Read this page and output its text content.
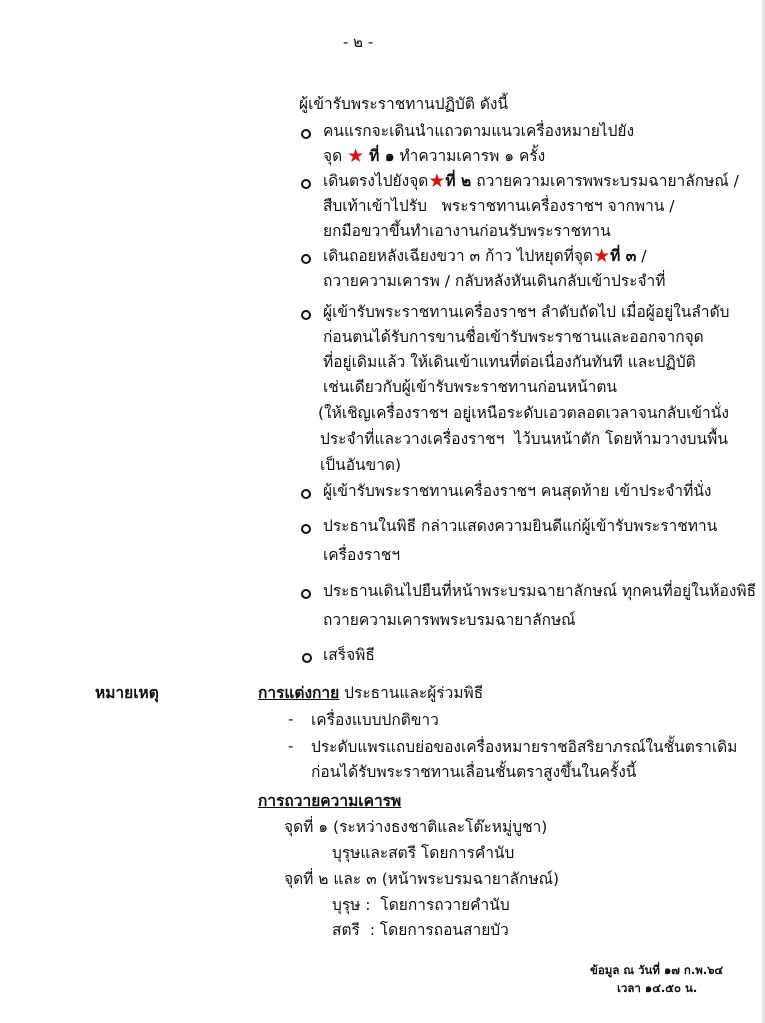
- ๒ -
ผู้เข้ารับพระราชทานปฏิบัติ ดังนี้
คนแรกจะเดินนำแถวตามแนวเครื่องหมายไปยัง
จุด ★ ที่ ๑ ทำความเคารพ ๑ ครั้ง
เดินตรงไปยังจุด★ที่ ๒ ถวายความเคารพพระบรมฉายาลักษณ์ /
สืบเท้าเข้าไปรับ   พระราชทานเครื่องราชฯ จากพาน /
ยกมือขวาขึ้นทำเอางานก่อนรับพระราชทาน
เดินถอยหลังเฉียงขวา ๓ ก้าว ไปหยุดที่จุด★ที่ ๓ /
ถวายความเคารพ / กลับหลังหันเดินกลับเข้าประจำที่
ผู้เข้ารับพระราชทานเครื่องราชฯ ลำดับถัดไป เมื่อผู้อยู่ในลำดับ
ก่อนตนได้รับการขานชื่อเข้ารับพระราชานและออกจากจุด
ที่อยู่เดิมแล้ว ให้เดินเข้าแทนที่ต่อเนื่องกันทันที และปฏิบัติ
เช่นเดียวกับผู้เข้ารับพระราชทานก่อนหน้าตน
(ให้เชิญเครื่องราชฯ อยู่เหนือระดับเอวตลอดเวลาจนกลับเข้านั่ง
ประจำที่และวางเครื่องราชฯ  ไว้บนหน้าตัก โดยห้ามวางบนพื้น
เป็นอันขาด)
ผู้เข้ารับพระราชทานเครื่องราชฯ คนสุดท้าย เข้าประจำที่นั่ง
ประธานในพิธี กล่าวแสดงความยินดีแก่ผู้เข้ารับพระราชทาน
เครื่องราชฯ
ประธานเดินไปยืนที่หน้าพระบรมฉายาลักษณ์ ทุกคนที่อยู่ในห้องพิธี
ถวายความเคารพพระบรมฉายาลักษณ์
เสร็จพิธี
หมายเหตุ	การแต่งกาย ประธานและผู้ร่วมพิธี
- เครื่องแบบปกติขาว
- ประดับแพรแถบย่อของเครื่องหมายราชอิสริยาภรณ์ในชั้นตราเดิม
ก่อนได้รับพระราชทานเลื่อนชั้นตราสูงขึ้นในครั้งนี้
การถวายความเคารพ
จุดที่ ๑ (ระหว่างธงชาติและโต๊ะหมู่บูชา)
บุรุษและสตรี โดยการคำนับ
จุดที่ ๒ และ ๓ (หน้าพระบรมฉายาลักษณ์)
บุรุษ :  โดยการถวายคำนับ
สตรี  : โดยการถอนสายบัว
ข้อมูล ณ วันที่ ๑๗ ก.พ.๖๔
เวลา ๑๔.๕๐ น.
